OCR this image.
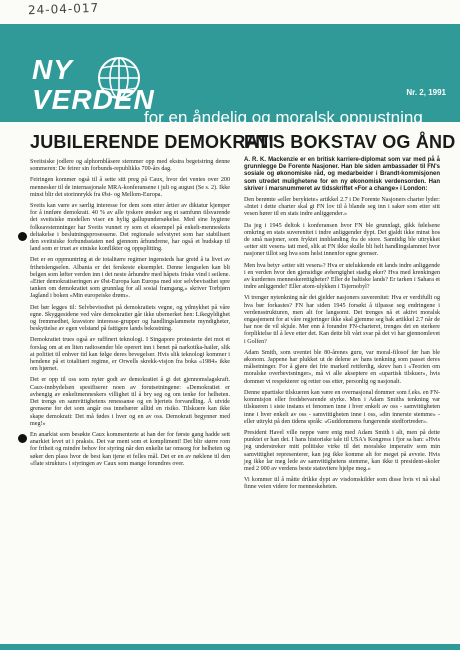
24-04-017
NY
VERDEN	Nr. 2, 1991
for en åndelig og moralsk oppustning
JUBILERENDE DEMOKRATI

Sveitsiske jodlere og alphornblåsere stemmer opp med ekstra begeistring denne sommeren: De feirer sin forbunds-republikks 700-års dag.

Feiringen kommer også til å sette sitt preg på Caux, hvor det ventes over 200 mennesker til de internasjonale MRA-konferansene i juli og august (Se s. 2). Ikke minst blir det storinnrykk fra Øst- og Mellom-Europa.

Sveits kan være av særlig interesse for dem som etter årtier av diktatur kjemper for å innføre demokrati. 40 % av alle tyskere ønsker seg et samfunn tilsvarende det sveitsiske modellen viser en hylig gallupundersøkelse. Med sine hygiene folkeavstemninger har Sveits vunnet ry som et eksempel på enkelt-menneskets deltakelse i beslutningsprosessene. Det regionale selvstyret som har stabilisert den sveitsiske forbundsstaten ned gjennom århundrene, har også et budskap til land som er truet av etniske konflikter og oppsplitting.

Det er en oppmuntring at de totalitære regimer ingensteds har greid å ta livet av frihetslengselen. Albania er det ferskeste eksemplet. Denne lengselen kan bli belgen som løfter verden inn i det neste århundre med håpets friske vind i seilene. «Etter demokratiseringen av Øst-Europa kan Europa med stor selvbevissthet spre tanken om demokratiet som grunnlag for all sosial framgang,» skriver Torbjørn Jagland i boken «Min europeiske drøm».

Det bør legges til: Selvbevissthet på demokratiets vegne, og ydmykhet på våre egne. Skyggesidene ved våre demokratier går ikke ubemerket hen: Likegyldighet og fremmedhet, kravstore interesse-grupper og handlingslammete myndigheter, beskyttelse av egen velstand på fattigere lands bekostning.

Demokratiet trues også av raffinert teknologi. I Singapore protesterte det mot et forslag om at en liten radiosender ble operert inn i benet på narkotika-hailer, slik at politiet til enhver tid kan følge deres bevegelser. Hvis slik teknologi kommer i hendene på et totalitært regime, er Orwells skrekk-visjon fra boka «1984» ikke om hjørnet.

Det er opp til oss som nyter godt av demokratiet å gi det gjennomslagskraft. Caux-innbydelsen spesifiserer noen av forutsetningene: «Demokratiet er avhengig av enkeltmenneskers villighet til å bry seg og om tenke for helheten. Det trengs en samvittighetens renessanse og en hjertets forvandling. Å utvide grensene for det som angår oss innebærer alltid en risiko. Tilskuere kan ikke skape demokrati: Det må fødes i hver og en av oss. Demokrati begynner med meg!»

En anarkist som besøkte Caux kommenterte at han der for første gang hadde sett anarkiet levet ut i praksis. Det var ment som et kompliment! Det blir større rom for friheit og mindre behov for styring når den enkelte tar omsorg for helheten og søker den plass hvor de best kan tjene et felles mål. Det er en av nøklene til den «flate struktur» i styringen av Caux som mange forundres over.

FN'S BOKSTAV OG ÅND

A. R. K. Mackenzie er en britisk karriere-diplomat som var med på å grunnlegge De Forente Nasjoner. Han ble siden ambassadør til FN's sosiale og økonomiske råd, og medarbeider i Brandt-kommisjonen som utredet mulighetene for en ny økonomisk verdensorden. Han skriver i marsnummeret av tidsskriftet «For a change» i London:

Den berømte «eller beryktete» artikkel 2.7 i De Forente Nasjoners charter lyder: «Intet i dette charter skal gi FN lov til å blande seg inn i saker som etter sitt vesen hører til en stats indre anliggender.»

Da jeg i 1945 deltok i konferansen hvor FN ble grunnlagt, gikk følelsene omkring en stats suverenitet i indre anliggender dypt. Det gjaldt ikke minst hos de små nasjoner, som fryktet innblanding fra de store. Samtidig ble uttrykket «etter sitt vesen» tatt med, slik at FN ikke skulle bli helt handlingslammet hvor nasjoner tillot seg hva som helst innenfor egne grenser.

Men hva betyr «etter sitt vesen»? Hva er utelukkende ett lands indre anliggende i en verden hvor den gjensidige avhengighet stadig øker? Hva med krenkingen av kurdernes menneskerettigheter? Eller de baltiske lands? Er tarken i Sahara et indre anliggende? Eller atom-ulykken i Tsjernobyl?

Vi trenger nytenkning når det gjelder nasjoners suverenitet: Hva er verdifullt og hva bør forkastes? FN har siden 1945 forsøkt å tilpasse seg endringene i verdensstrukturen, men alt for langsomt. Det trenges nå et aktivt moralsk engasjement for at våre regjeringer ikke skal gjemme seg bak artikkel 2.7 når de har noe de vil skjule. Mer enn å forandre FN-charteret, trenges det en sterkere forpliktelse til å leve etter det. Kan dette bli vårt svar på det vi har gjennomlevet i Golfen?

Adam Smith, som uventet ble 80-årenes guru, var moral-filosof før han ble økonom. Jappene har plukket ut de delene av hans tenkning som passet deres målsetninger. For å gjøre det frie marked rettferdig, skrev han i «Teorien om moralske overbevisninger», må vi alle akseptere en «upartisk tilskuer», hvis dommer vi respekterer og retter oss etter, personlig og nasjonalt.

Denne upartiske tilskueren kan være en overnasjonal dommer som f.eks. en FN-kommisjon eller fredsbevarende styrke. Men i Adam Smiths tenkning var tilskueren i siste instans et fenomen inne i hver enkelt av oss - samvittigheten inne i hver enkelt av oss - samvittigheten inne i oss, «din innerste stemme» - eller uttrykt på den tidens språk: «Guddommens fungerende stedfortreder».

President Havel ville neppe være enig med Adam Smith i alt, men på dette punktet er han det. I hans historiske tale til USA's Kongress i fjor sa han: «Hvis jeg understreker mitt politiske virke til det moralske imperativ som min samvittighet representerer, kan jeg ikke komme alt for meget på avveie. Hvis jeg ikke lar meg lede av samvittighetens stemme, kan ikke ti president-skoler med 2 000 av verdens beste statsvitere hjelpe meg.»

Vi kommer til å måtte drikke dypt av visdomskilder som disse hvis vi nå skal finne veien videre for menneskeheten.
